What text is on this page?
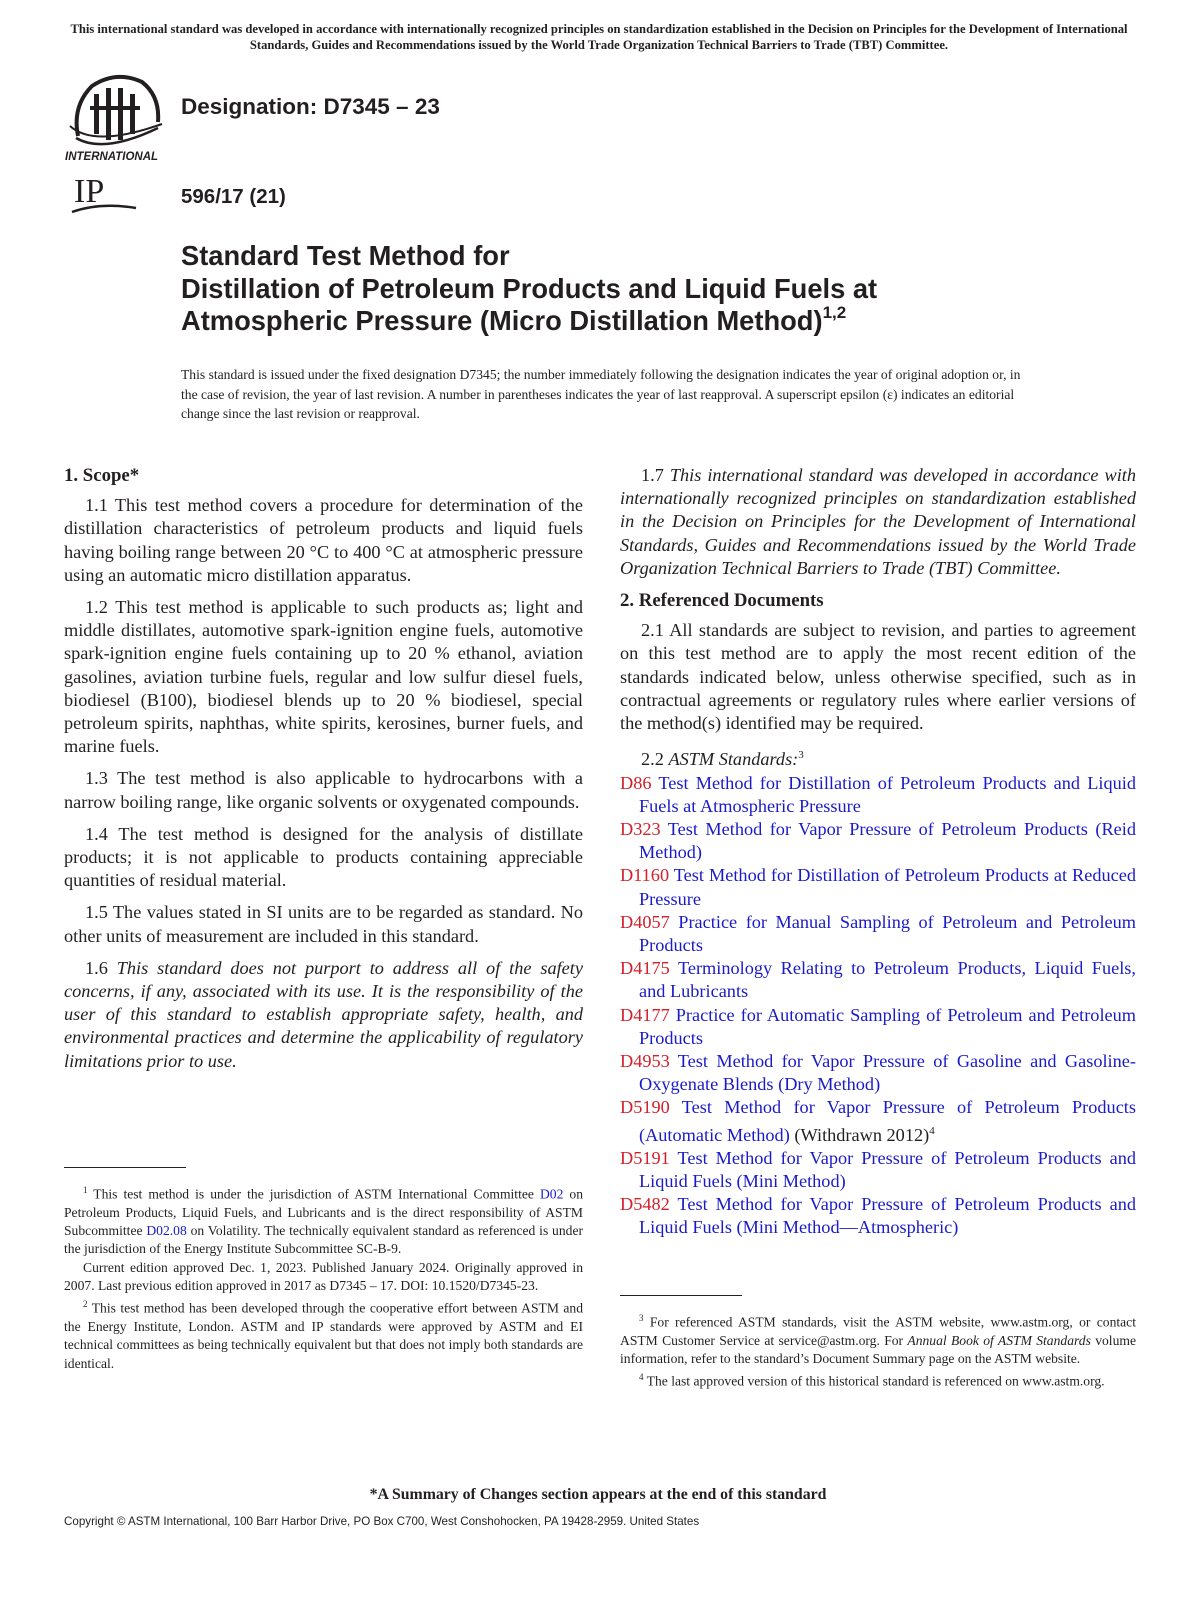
This international standard was developed in accordance with internationally recognized principles on standardization established in the Decision on Principles for the Development of International Standards, Guides and Recommendations issued by the World Trade Organization Technical Barriers to Trade (TBT) Committee.
INTERNATIONAL
IP
Designation: D7345 – 23
596/17 (21)
Standard Test Method for
Distillation of Petroleum Products and Liquid Fuels at
Atmospheric Pressure (Micro Distillation Method)$^{1,2}$
This standard is issued under the fixed designation D7345; the number immediately following the designation indicates the year of original adoption or, in the case of revision, the year of last revision. A number in parentheses indicates the year of last reapproval. A superscript epsilon (ε) indicates an editorial change since the last revision or reapproval.
1. Scope*

1.1 This test method covers a procedure for determination of the distillation characteristics of petroleum products and liquid fuels having boiling range between 20 °C to 400 °C at atmospheric pressure using an automatic micro distillation apparatus.

1.2 This test method is applicable to such products as; light and middle distillates, automotive spark-ignition engine fuels, automotive spark-ignition engine fuels containing up to 20 % ethanol, aviation gasolines, aviation turbine fuels, regular and low sulfur diesel fuels, biodiesel (B100), biodiesel blends up to 20 % biodiesel, special petroleum spirits, naphthas, white spirits, kerosines, burner fuels, and marine fuels.

1.3 The test method is also applicable to hydrocarbons with a narrow boiling range, like organic solvents or oxygenated compounds.

1.4 The test method is designed for the analysis of distillate products; it is not applicable to products containing appreciable quantities of residual material.

1.5 The values stated in SI units are to be regarded as standard. No other units of measurement are included in this standard.

1.6 This standard does not purport to address all of the safety concerns, if any, associated with its use. It is the responsibility of the user of this standard to establish appropriate safety, health, and environmental practices and determine the applicability of regulatory limitations prior to use.

1.7 This international standard was developed in accordance with internationally recognized principles on standardization established in the Decision on Principles for the Development of International Standards, Guides and Recommendations issued by the World Trade Organization Technical Barriers to Trade (TBT) Committee.

2. Referenced Documents

2.1 All standards are subject to revision, and parties to agreement on this test method are to apply the most recent edition of the standards indicated below, unless otherwise specified, such as in contractual agreements or regulatory rules where earlier versions of the method(s) identified may be required.

2.2 ASTM Standards:$^3$

D86 Test Method for Distillation of Petroleum Products and Liquid Fuels at Atmospheric Pressure
D323 Test Method for Vapor Pressure of Petroleum Products (Reid Method)
D1160 Test Method for Distillation of Petroleum Products at Reduced Pressure
D4057 Practice for Manual Sampling of Petroleum and Petroleum Products
D4175 Terminology Relating to Petroleum Products, Liquid Fuels, and Lubricants
D4177 Practice for Automatic Sampling of Petroleum and Petroleum Products
D4953 Test Method for Vapor Pressure of Gasoline and Gasoline-Oxygenate Blends (Dry Method)
D5190 Test Method for Vapor Pressure of Petroleum Products (Automatic Method) (Withdrawn 2012)$^4$
D5191 Test Method for Vapor Pressure of Petroleum Products and Liquid Fuels (Mini Method)
D5482 Test Method for Vapor Pressure of Petroleum Products and Liquid Fuels (Mini Method—Atmospheric)

$^1$ This test method is under the jurisdiction of ASTM International Committee D02 on Petroleum Products, Liquid Fuels, and Lubricants and is the direct responsibility of ASTM Subcommittee D02.08 on Volatility. The technically equivalent standard as referenced is under the jurisdiction of the Energy Institute Subcommittee SC-B-9.

Current edition approved Dec. 1, 2023. Published January 2024. Originally approved in 2007. Last previous edition approved in 2017 as D7345 – 17. DOI: 10.1520/D7345-23.

$^2$ This test method has been developed through the cooperative effort between ASTM and the Energy Institute, London. ASTM and IP standards were approved by ASTM and EI technical committees as being technically equivalent but that does not imply both standards are identical.

$^3$ For referenced ASTM standards, visit the ASTM website, www.astm.org, or contact ASTM Customer Service at service@astm.org. For Annual Book of ASTM Standards volume information, refer to the standard’s Document Summary page on the ASTM website.

$^4$ The last approved version of this historical standard is referenced on www.astm.org.

*A Summary of Changes section appears at the end of this standard
Copyright © ASTM International, 100 Barr Harbor Drive, PO Box C700, West Conshohocken, PA 19428-2959. United States
